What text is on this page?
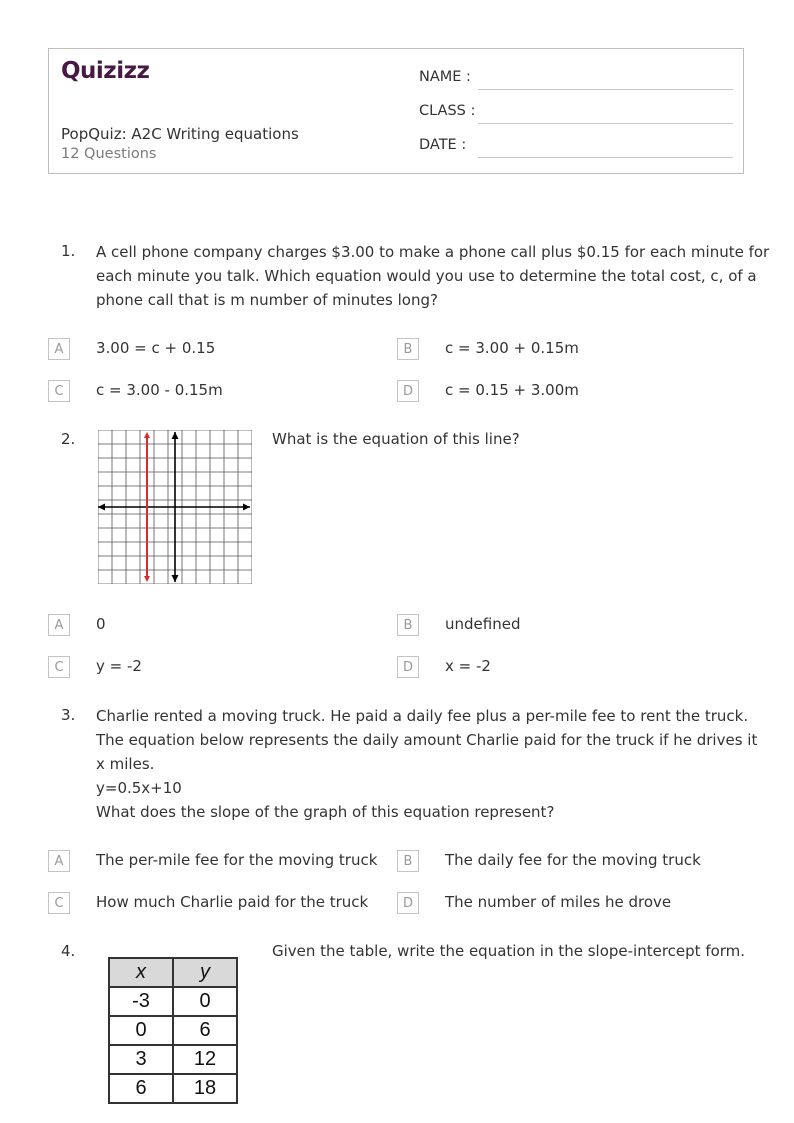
Quizizz
PopQuiz: A2C Writing equations
12 Questions
NAME :
CLASS :
DATE :
1. A cell phone company charges $3.00 to make a phone call plus $0.15 for each minute for
each minute you talk. Which equation would you use to determine the total cost, c, of a
phone call that is m number of minutes long?
A	3.00 = c + 0.15	B	c = 3.00 + 0.15m
C	c = 3.00 - 0.15m	D	c = 0.15 + 3.00m
2.	What is the equation of this line?
A	0	B	undefined
C	y = -2	D	x = -2
3. Charlie rented a moving truck. He paid a daily fee plus a per-mile fee to rent the truck.
The equation below represents the daily amount Charlie paid for the truck if he drives it
x miles.
y=0.5x+10
What does the slope of the graph of this equation represent?
A	The per-mile fee for the moving truck	B	The daily fee for the moving truck
C	How much Charlie paid for the truck	D	The number of miles he drove
4.	Given the table, write the equation in the slope-intercept form.
x	y
-3	0
0	6
3	12
6	18
